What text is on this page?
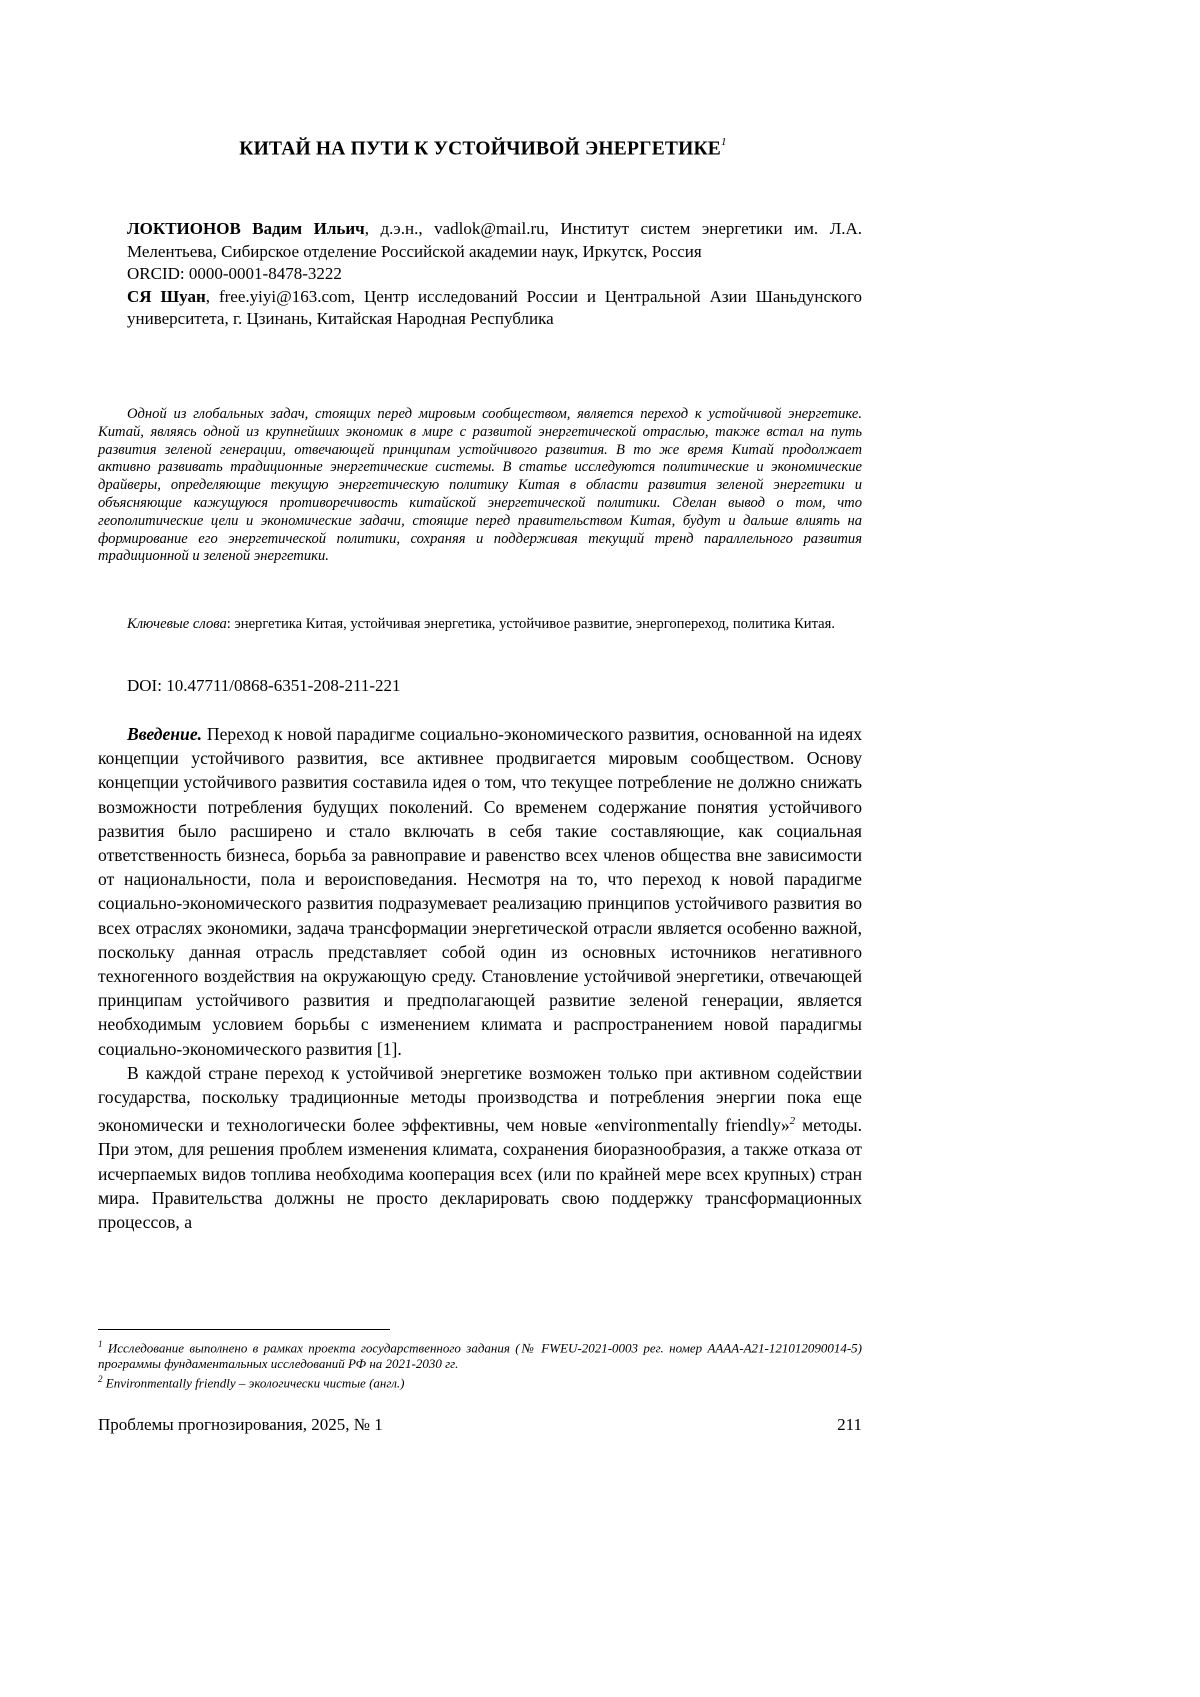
КИТАЙ НА ПУТИ К УСТОЙЧИВОЙ ЭНЕРГЕТИКЕ$^1$

ЛОКТИОНОВ Вадим Ильич, д.э.н., vadlok@mail.ru, Институт систем энергетики им. Л.А. Мелентьева, Сибирское отделение Российской академии наук, Иркутск, Россия

ORCID: 0000-0001-8478-3222

СЯ Шуан, free.yiyi@163.com, Центр исследований России и Центральной Азии Шаньдунского университета, г. Цзинань, Китайская Народная Республика

Одной из глобальных задач, стоящих перед мировым сообществом, является переход к устойчивой энергетике. Китай, являясь одной из крупнейших экономик в мире с развитой энергетической отраслью, также встал на путь развития зеленой генерации, отвечающей принципам устойчивого развития. В то же время Китай продолжает активно развивать традиционные энергетические системы. В статье исследуются политические и экономические драйверы, определяющие текущую энергетическую политику Китая в области развития зеленой энергетики и объясняющие кажущуюся противоречивость китайской энергетической политики. Сделан вывод о том, что геополитические цели и экономические задачи, стоящие перед правительством Китая, будут и дальше влиять на формирование его энергетической политики, сохраняя и поддерживая текущий тренд параллельного развития традиционной и зеленой энергетики.

Ключевые слова: энергетика Китая, устойчивая энергетика, устойчивое развитие, энергопереход, политика Китая.

DOI: 10.47711/0868-6351-208-211-221

Введение. Переход к новой парадигме социально-экономического развития, основанной на идеях концепции устойчивого развития, все активнее продвигается мировым сообществом. Основу концепции устойчивого развития составила идея о том, что текущее потребление не должно снижать возможности потребления будущих поколений. Со временем содержание понятия устойчивого развития было расширено и стало включать в себя такие составляющие, как социальная ответственность бизнеса, борьба за равноправие и равенство всех членов общества вне зависимости от национальности, пола и вероисповедания. Несмотря на то, что переход к новой парадигме социально-экономического развития подразумевает реализацию принципов устойчивого развития во всех отраслях экономики, задача трансформации энергетической отрасли является особенно важной, поскольку данная отрасль представляет собой один из основных источников негативного техногенного воздействия на окружающую среду. Становление устойчивой энергетики, отвечающей принципам устойчивого развития и предполагающей развитие зеленой генерации, является необходимым условием борьбы с изменением климата и распространением новой парадигмы социально-экономического развития [1].

В каждой стране переход к устойчивой энергетике возможен только при активном содействии государства, поскольку традиционные методы производства и потребления энергии пока еще экономически и технологически более эффективны, чем новые «environmentally friendly»$^2$ методы. При этом, для решения проблем изменения климата, сохранения биоразнообразия, а также отказа от исчерпаемых видов топлива необходима кооперация всех (или по крайней мере всех крупных) стран мира. Правительства должны не просто декларировать свою поддержку трансформационных процессов, а

$^1$ Исследование выполнено в рамках проекта государственного задания (№ FWEU-2021-0003 рег. номер АААА-А21-121012090014-5) программы фундаментальных исследований РФ на 2021-2030 гг.

$^2$ Environmentally friendly – экологически чистые (англ.)

Проблемы прогнозирования, 2025, № 1	211
